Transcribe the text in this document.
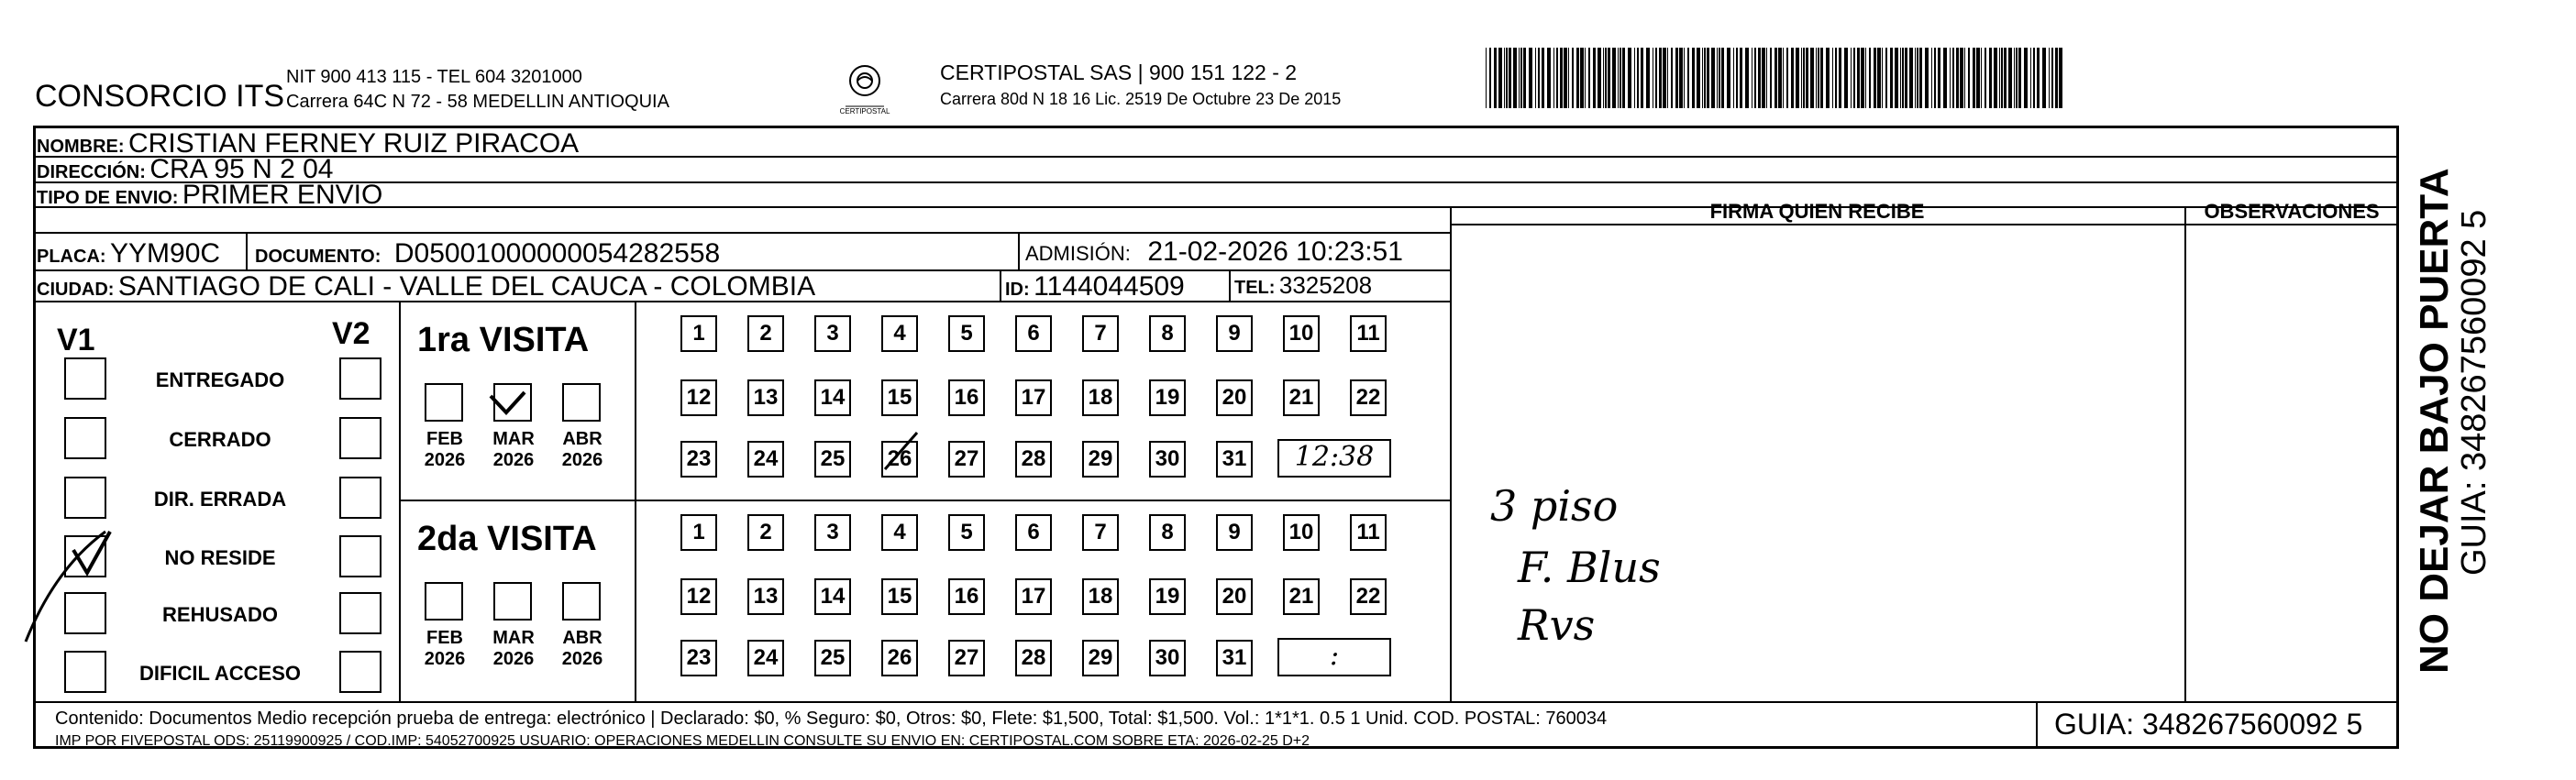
CONSORCIO ITS
NIT 900 413 115 - TEL 604 3201000
Carrera 64C N 72 - 58 MEDELLIN ANTIOQUIA	CERTIPOSTAL
CERTIPOSTAL SAS | 900 151 122 - 2
Carrera 80d N 18 16 Lic. 2519 De Octubre 23 De 2015
NOMBRE: CRISTIAN FERNEY RUIZ PIRACOA
DIRECCIÓN: CRA 95 N 2 04
TIPO DE ENVIO: PRIMER ENVIO
PLACA: YYM90C DOCUMENTO: D05001000000054282558	ADMISIÓN: 21-02-2026 10:23:51
CIUDAD: SANTIAGO DE CALI - VALLE DEL CAUCA - COLOMBIA	ID: 1144044509	TEL: 3325208
FIRMA QUIEN RECIBE	OBSERVACIONES
3 piso
F. Blus
Rvs
V1	V2 1ra VISITA
FEB
2026
MAR
2026
ABR
2026
1	2	3	4	5	6	7	8	9	10	11
12 13 14 15 16 17 18 19 20 21 22
23 24 25 26 27 28 29 30 31	12:38
2da VISITA
FEB
2026
MAR
2026
ABR
2026
1	2	3	4	5	6	7	8	9	10	11
12 13 14 15 16 17 18 19 20 21 22
23 24 25 26 27 28 29 30 31	:
Contenido: Documentos Medio recepción prueba de entrega: electrónico | Declarado: $0, % Seguro: $0, Otros: $0, Flete: $1,500, Total: $1,500. Vol.: 1*1*1. 0.5 1 Unid. COD. POSTAL: 760034
IMP POR FIVEPOSTAL ODS: 25119900925 / COD.IMP: 54052700925 USUARIO: OPERACIONES MEDELLIN CONSULTE SU ENVIO EN: CERTIPOSTAL.COM SOBRE ETA: 2026-02-25 D+2
GUIA: 348267560092 5
NO DEJAR BAJO PUERTA
GUIA: 348267560092 5
ENTREGADO
CERRADO
DIR. ERRADA
NO RESIDE
REHUSADO
DIFICIL ACCESO
